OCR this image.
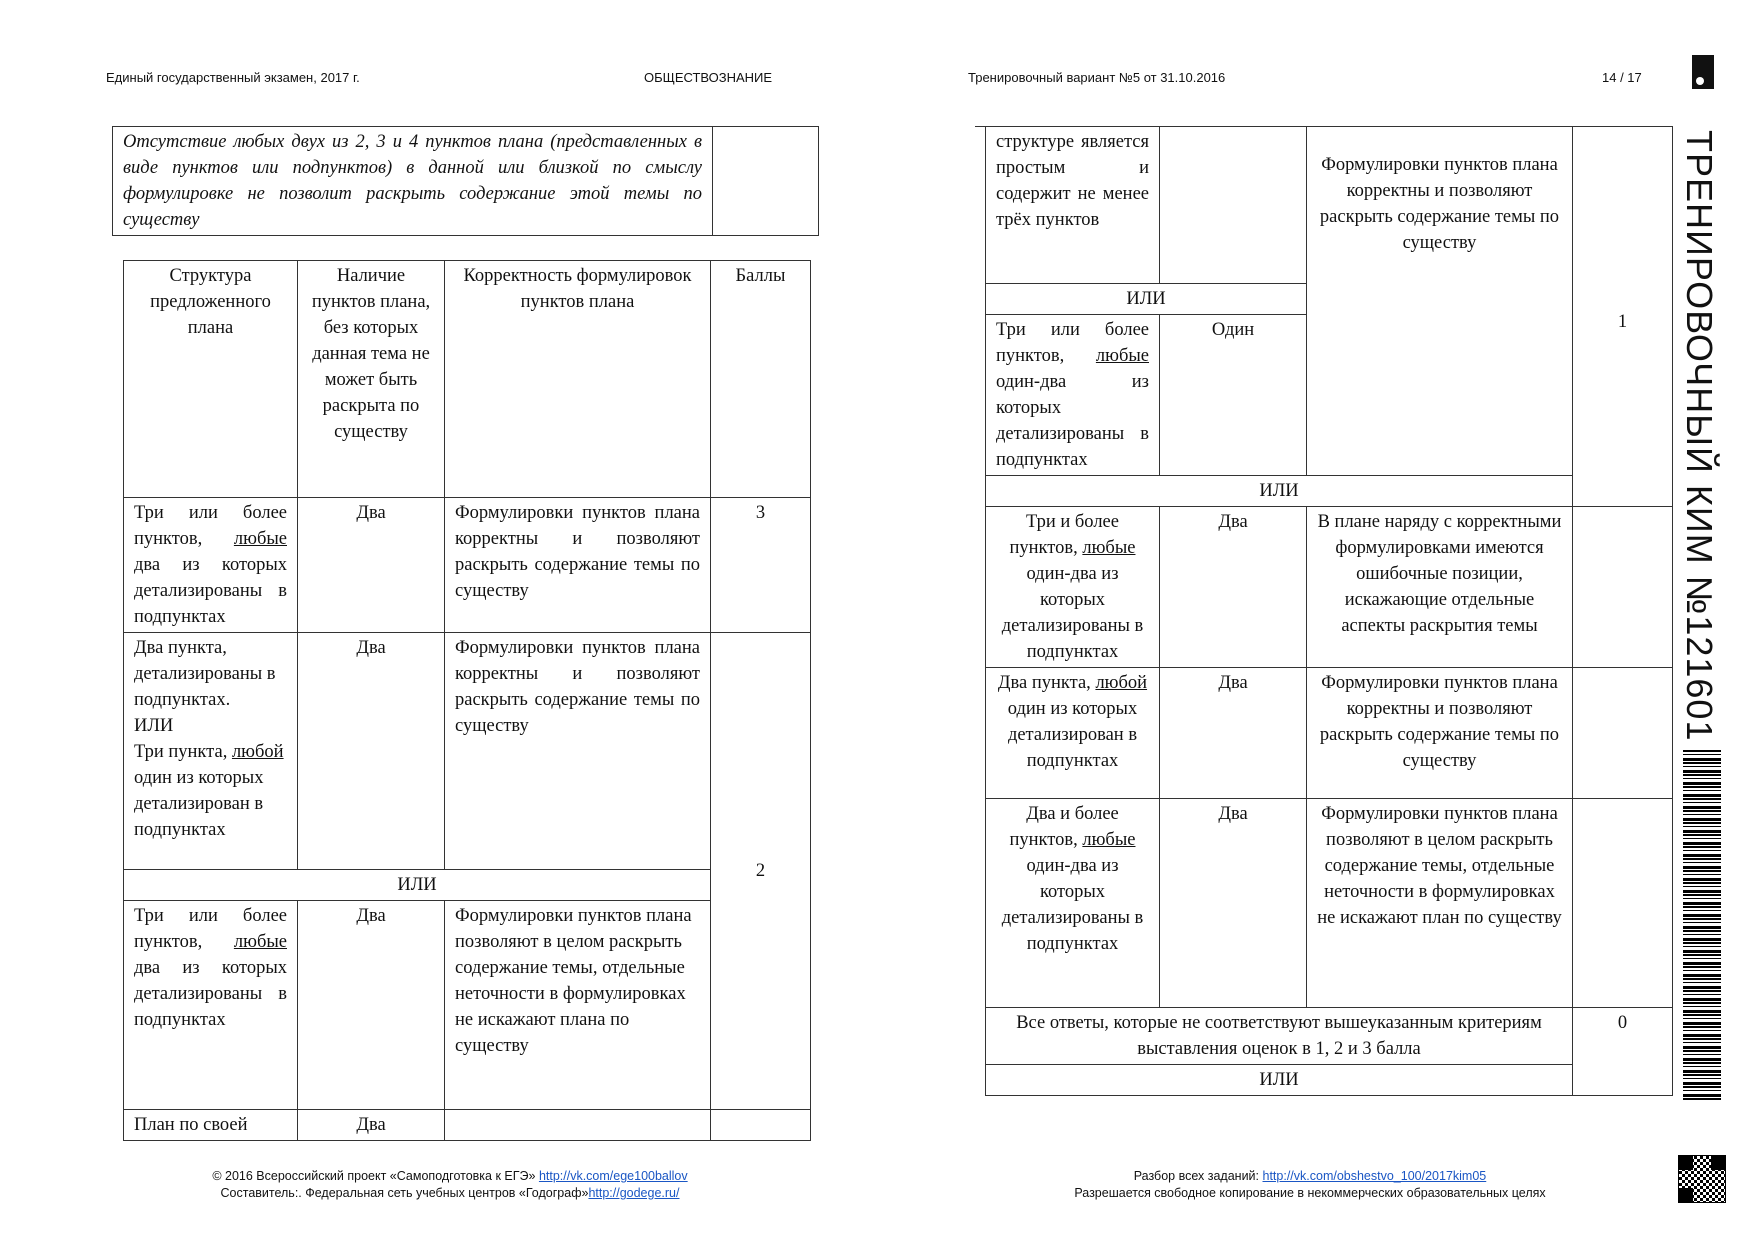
Единый государственный экзамен, 2017 г.	ОБЩЕСТВОЗНАНИЕ	Тренировочный вариант №5 от 31.10.2016	14 / 17
Отсутствие любых двух из 2, 3 и 4 пунктов плана (представленных в виде пунктов или подпунктов) в данной или близкой по смыслу формулировке не позволит раскрыть содержание этой темы по существу	
Структура предложенного плана	Наличие пунктов плана, без которых данная тема не может быть раскрыта по существу	Корректность формулировок пунктов плана	Баллы
Три или более пунктов, любые два из которых детализированы в подпунктах	Два	Формулировки пунктов плана корректны и позволяют раскрыть содержание темы по существу	3

Два пункта, детализированы в подпунктах.
ИЛИ
Три пункта, любой один из которых детализирован в подпунктах	Два	Формулировки пунктов плана корректны и позволяют раскрыть содержание темы по существу	2
ИЛИ			
Три или более пунктов, любые два из которых детализированы в подпунктах	Два	Формулировки пунктов плана позволяют в целом раскрыть содержание темы, отдельные неточности в формулировках не искажают плана по существу	
План по своей	Два		
структуре является простым и содержит не менее трёх пунктов		Формулировки пунктов плана корректны и позволяют раскрыть содержание темы по существу	1
ИЛИ			
Три или более пунктов, любые один-два из которых детализированы в подпунктах	Один		
ИЛИ			
Три и более пунктов, любые один-два из которых детализированы в подпунктах	Два	В плане наряду с корректными формулировками имеются ошибочные позиции, искажающие отдельные аспекты раскрытия темы	
Два пункта, любой один из которых детализирован в подпунктах	Два	Формулировки пунктов плана корректны и позволяют раскрыть содержание темы по существу	
Два и более пунктов, любые один-два из которых детализированы в подпунктах	Два	Формулировки пунктов плана позволяют в целом раскрыть содержание темы, отдельные неточности в формулировках не искажают план по существу	
Все ответы, которые не соответствуют вышеуказанным критериям выставления оценок в 1, 2 и 3 балла			0
ИЛИ			
ТРЕНИРОВОЧНЫЙ КИМ №121601
© 2016 Всероссийский проект «Самоподготовка к ЕГЭ» http://vk.com/ege100ballov
Составитель:. Федеральная сеть учебных центров «Годограф»http://godege.ru/
Разбор всех заданий: http://vk.com/obshestvo_100/2017kim05
Разрешается свободное копирование в некоммерческих образовательных целях
